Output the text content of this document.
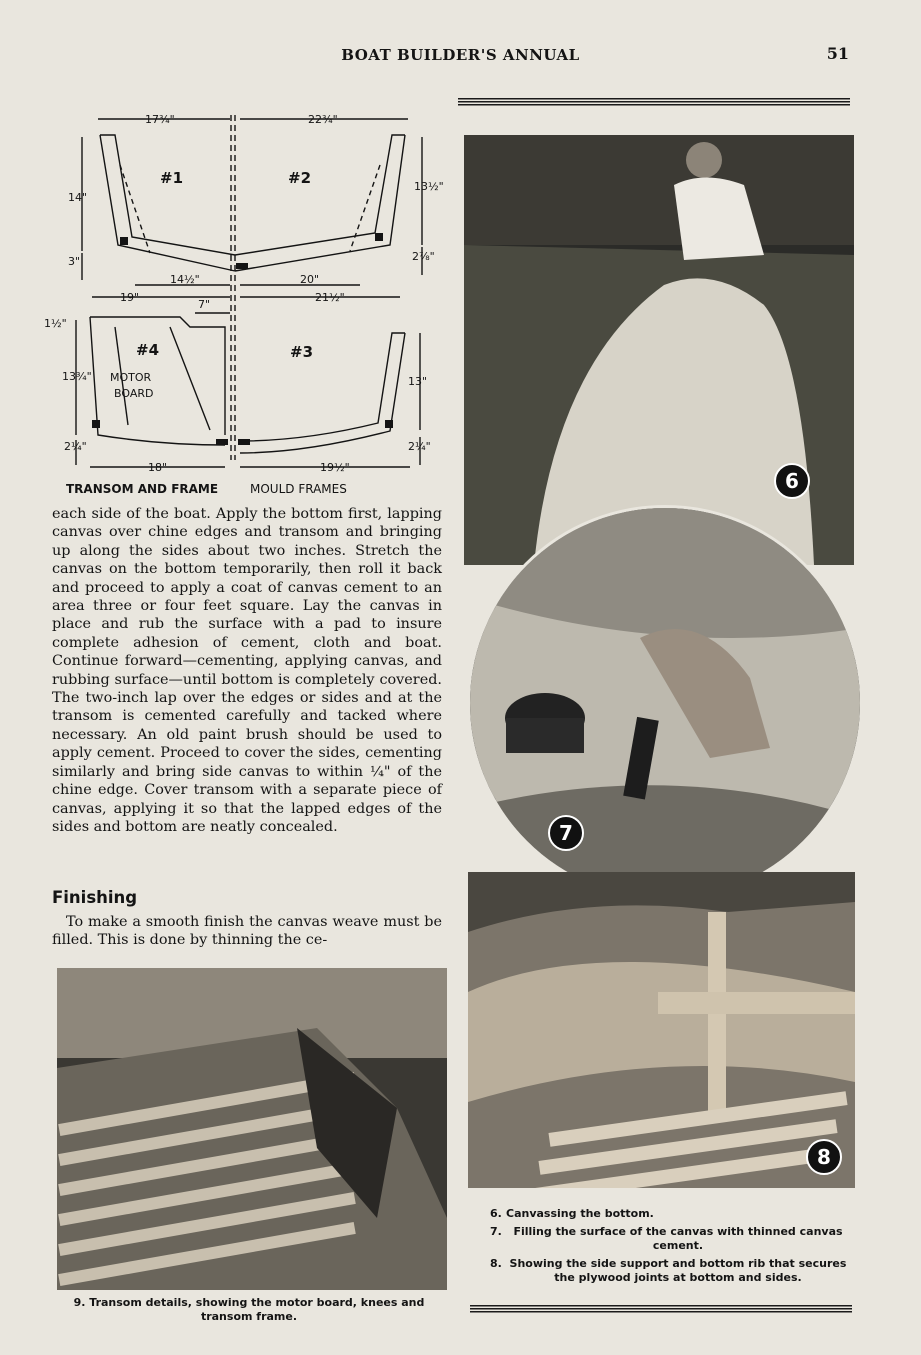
BOAT BUILDER'S ANNUAL	51
#1	#2
#4	#3
17¾"	22¾"
14"
13½"
3"	2⅞"
14½"	20"
19"	21½"
7"
1½"
13¾"	13"
2¼"	2¼"
18"	19½"
MOTOR
BOARD
TRANSOM AND FRAME	MOULD FRAMES

each side of the boat. Apply the bottom first, lapping canvas over chine edges and transom and bringing up along the sides about two inches. Stretch the canvas on the bottom temporarily, then roll it back and proceed to apply a coat of canvas cement to an area three or four feet square. Lay the canvas in place and rub the surface with a pad to insure complete adhesion of cement, cloth and boat. Continue forward—cementing, applying canvas, and rubbing surface—until bottom is completely covered. The two-inch lap over the edges or sides and at the transom is cemented carefully and tacked where necessary. An old paint brush should be used to apply cement. Proceed to cover the sides, cementing similarly and bring side canvas to within ¼" of the chine edge. Cover transom with a separate piece of canvas, applying it so that the lapped edges of the sides and bottom are neatly concealed.

Finishing

To make a smooth finish the canvas weave must be filled. This is done by thinning the ce-

6
7
8
6. Canvassing the bottom.
7.	Filling the surface of the canvas with thinned canvas cement.
8. Showing the side support and bottom rib that secures the plywood joints at bottom and sides.
9. Transom details, showing the motor board, knees and transom frame.
